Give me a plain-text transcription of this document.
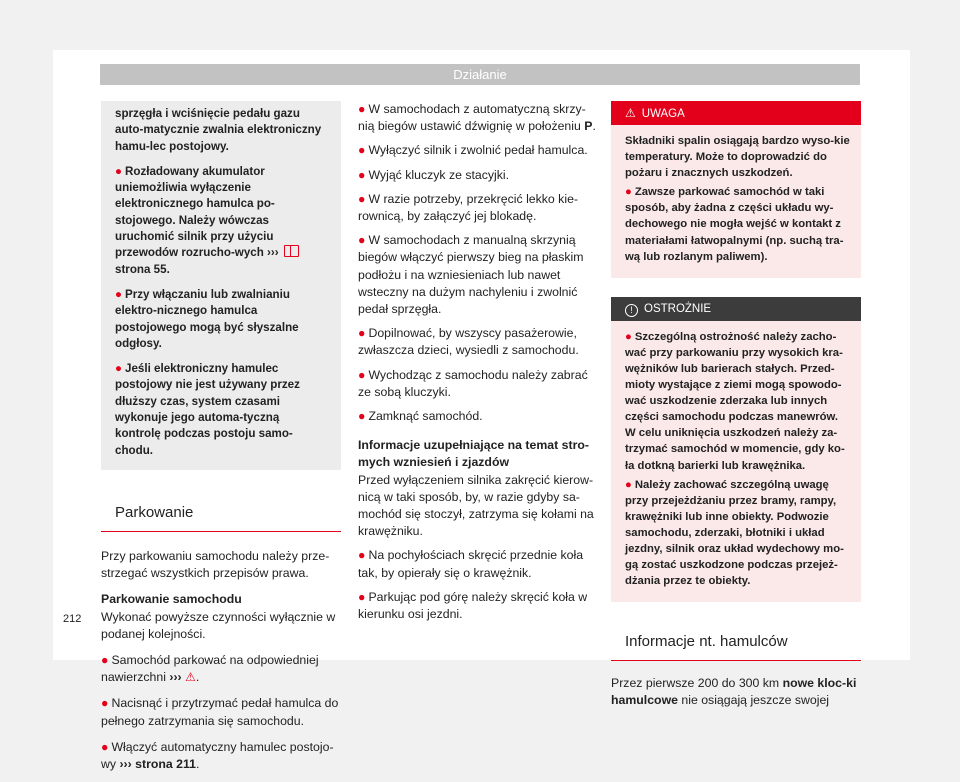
Działanie

sprzęgła i wciśnięcie pedału gazu auto-matycznie zwalnia elektroniczny hamu-lec postojowy.

● Rozładowany akumulator uniemożliwia wyłączenie elektronicznego hamulca po-stojowego. Należy wówczas uruchomić silnik przy użyciu przewodów rozrucho-wych ›››  strona 55.

● Przy włączaniu lub zwalnianiu elektro-nicznego hamulca postojowego mogą być słyszalne odgłosy.

● Jeśli elektroniczny hamulec postojowy nie jest używany przez dłuższy czas, system czasami wykonuje jego automa-tyczną kontrolę podczas postoju samo-chodu.

Parkowanie

Przy parkowaniu samochodu należy prze-strzegać wszystkich przepisów prawa.

Parkowanie samochodu

Wykonać powyższe czynności wyłącznie w podanej kolejności.

● Samochód parkować na odpowiedniej nawierzchni ››› ⚠.

● Nacisnąć i przytrzymać pedał hamulca do pełnego zatrzymania się samochodu.

● Włączyć automatyczny hamulec postojo-wy ››› strona 211.

● W samochodach z automatyczną skrzy-nią biegów ustawić dźwignię w położeniu P.

● Wyłączyć silnik i zwolnić pedał hamulca.

● Wyjąć kluczyk ze stacyjki.

● W razie potrzeby, przekręcić lekko kie-rownicą, by załączyć jej blokadę.

● W samochodach z manualną skrzynią biegów włączyć pierwszy bieg na płaskim podłożu i na wzniesieniach lub nawet wsteczny na dużym nachyleniu i zwolnić pedał sprzęgła.

● Dopilnować, by wszyscy pasażerowie, zwłaszcza dzieci, wysiedli z samochodu.

● Wychodząc z samochodu należy zabrać ze sobą kluczyki.

● Zamknąć samochód.

Informacje uzupełniające na temat stro-mych wzniesień i zjazdów

Przed wyłączeniem silnika zakręcić kierow-nicą w taki sposób, by, w razie gdyby sa-mochód się stoczył, zatrzyma się kołami na krawężniku.

● Na pochyłościach skręcić przednie koła tak, by opierały się o krawężnik.

● Parkując pod górę należy skręcić koła w kierunku osi jezdni.

⚠ UWAGA

Składniki spalin osiągają bardzo wyso-kie temperatury. Może to doprowadzić do pożaru i znacznych uszkodzeń.

● Zawsze parkować samochód w taki sposób, aby żadna z części układu wy-dechowego nie mogła wejść w kontakt z materiałami łatwopalnymi (np. suchą tra-wą lub rozlanym paliwem).

! OSTROŻNIE

● Szczególną ostrożność należy zacho-wać przy parkowaniu przy wysokich kra-wężników lub barierach stałych. Przed-mioty wystające z ziemi mogą spowodo-wać uszkodzenie zderzaka lub innych części samochodu podczas manewrów. W celu uniknięcia uszkodzeń należy za-trzymać samochód w momencie, gdy ko-ła dotkną barierki lub krawężnika.

● Należy zachować szczególną uwagę przy przejeżdżaniu przez bramy, rampy, krawężniki lub inne obiekty. Podwozie samochodu, zderzaki, błotniki i układ jezdny, silnik oraz układ wydechowy mo-gą zostać uszkodzone podczas przejeż-dżania przez te obiekty.

Informacje nt. hamulców

Przez pierwsze 200 do 300 km nowe kloc-ki hamulcowe nie osiągają jeszcze swojej

212
